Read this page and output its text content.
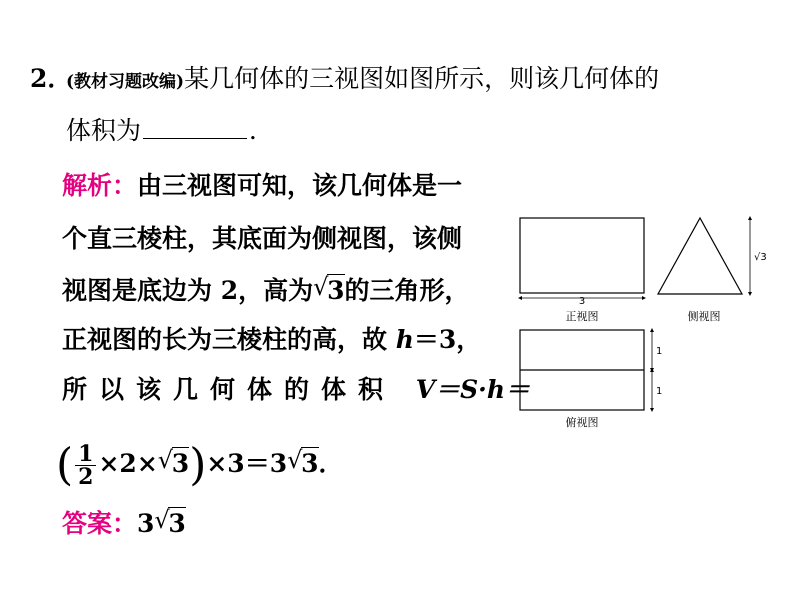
2．
(教材习题改编)某几何体的三视图如图所示，则该几何体的
体积为	．
解析：由三视图可知，该几何体是一
个直三棱柱，其底面为侧视图，该侧
视图是底边为 2，高为 √
3的三角形，
正视图的长为三棱柱的高，故 h＝3，
所以该几何体的体积 V＝S·h＝
( $\frac{1}{2} \times 2\times$ √
3)×3＝3 √
3．
答案：3 √
3
3
正视图
√3
侧视图
1
1
俯视图
